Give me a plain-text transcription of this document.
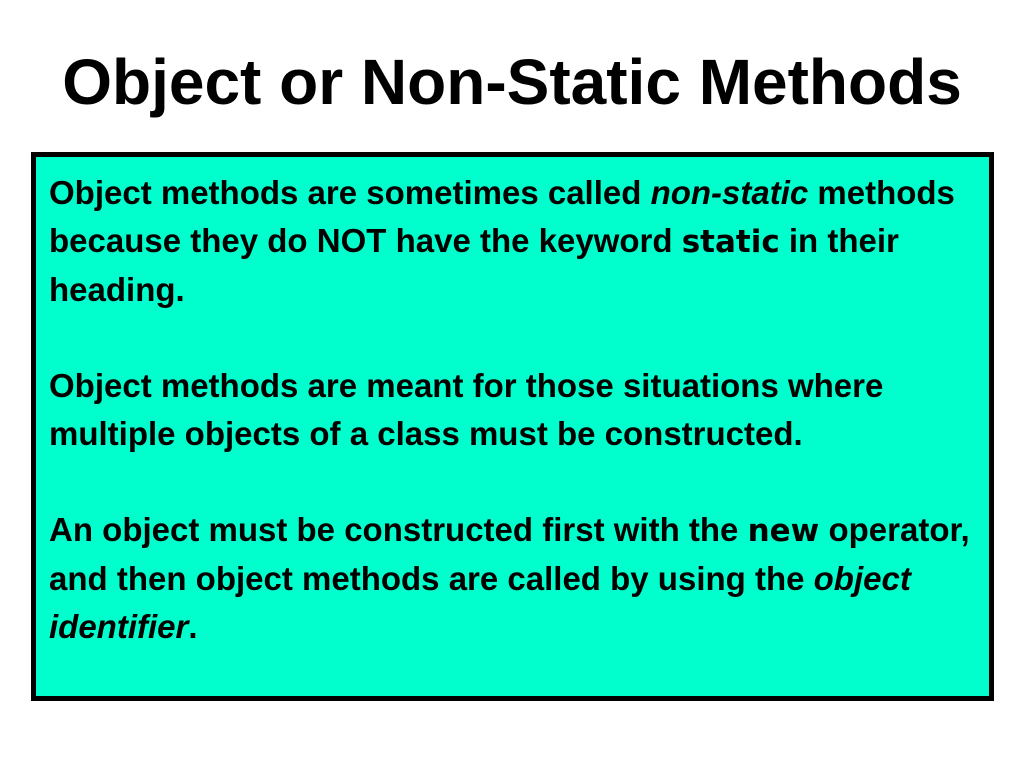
Object or Non-Static Methods

Object methods are sometimes called non-static methods because they do NOT have the keyword static in their heading.

Object methods are meant for those situations where multiple objects of a class must be constructed.

An object must be constructed first with the new operator, and then object methods are called by using the object identifier.
